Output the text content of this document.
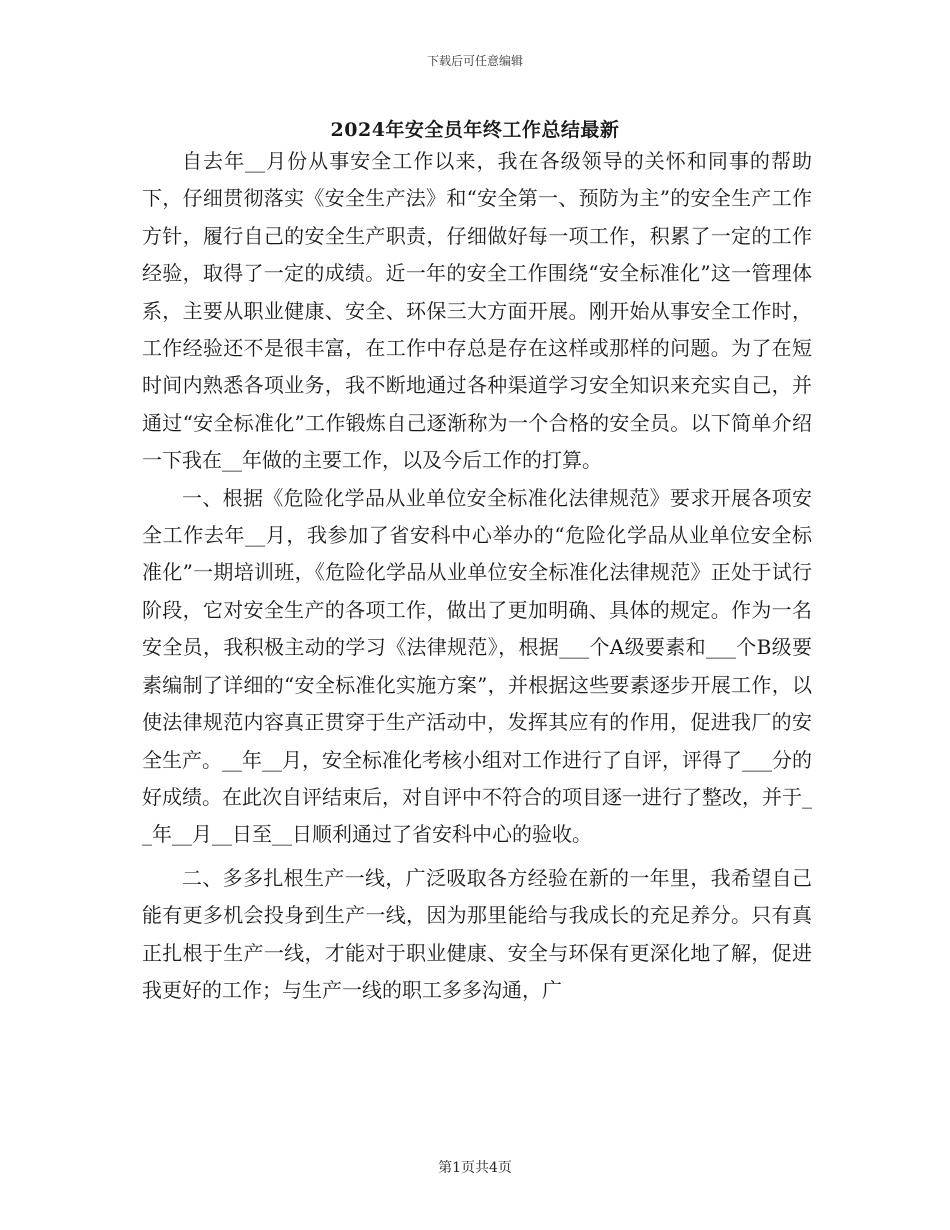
下载后可任意编辑
2024年安全员年终工作总结最新

自去年__月份从事安全工作以来，我在各级领导的关怀和同事的帮助下，仔细贯彻落实《安全生产法》和“安全第一、预防为主”的安全生产工作方针，履行自己的安全生产职责，仔细做好每一项工作，积累了一定的工作经验，取得了一定的成绩。近一年的安全工作围绕“安全标准化”这一管理体系，主要从职业健康、安全、环保三大方面开展。刚开始从事安全工作时，工作经验还不是很丰富，在工作中存总是存在这样或那样的问题。为了在短时间内熟悉各项业务，我不断地通过各种渠道学习安全知识来充实自己，并通过“安全标准化”工作锻炼自己逐渐称为一个合格的安全员。以下简单介绍一下我在__年做的主要工作，以及今后工作的打算。

一、根据《危险化学品从业单位安全标准化法律规范》要求开展各项安全工作去年__月，我参加了省安科中心举办的“危险化学品从业单位安全标准化”一期培训班，《危险化学品从业单位安全标准化法律规范》正处于试行阶段，它对安全生产的各项工作，做出了更加明确、具体的规定。作为一名安全员，我积极主动的学习《法律规范》，根据___个A级要素和___个B级要素编制了详细的“安全标准化实施方案”，并根据这些要素逐步开展工作，以使法律规范内容真正贯穿于生产活动中，发挥其应有的作用，促进我厂的安全生产。__年__月，安全标准化考核小组对工作进行了自评，评得了___分的好成绩。在此次自评结束后，对自评中不符合的项目逐一进行了整改，并于__年__月__日至__日顺利通过了省安科中心的验收。

二、多多扎根生产一线，广泛吸取各方经验在新的一年里，我希望自己能有更多机会投身到生产一线，因为那里能给与我成长的充足养分。只有真正扎根于生产一线，才能对于职业健康、安全与环保有更深化地了解，促进我更好的工作；与生产一线的职工多多沟通，广

第1页共4页
